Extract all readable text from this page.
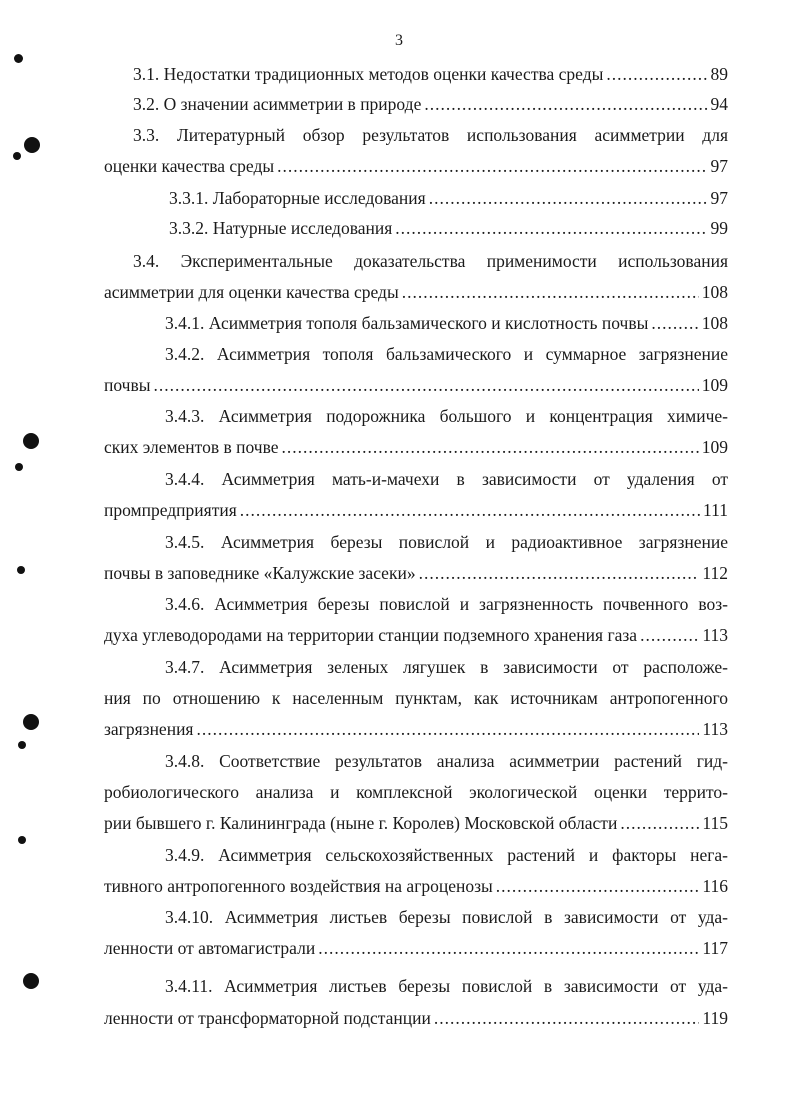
3
3.1. Недостатки традиционных методов оценки качества среды .....	89
3.2. О значении асимметрии в природе .....	94
3.3. Литературный обзор результатов использования асимметрии для
оценки качества среды .....	97
3.3.1. Лабораторные исследования .....	97
3.3.2. Натурные исследования .....	99
3.4. Экспериментальные доказательства применимости использования
асимметрии для оценки качества среды .....	108
3.4.1. Асимметрия тополя бальзамического и кислотность почвы .....	108
3.4.2. Асимметрия тополя бальзамического и суммарное загрязнение
почвы .....	109
3.4.3. Асимметрия подорожника большого и концентрация химиче-
ских элементов в почве .....	109
3.4.4. Асимметрия мать-и-мачехи в зависимости от удаления от
промпредприятия .....	111
3.4.5. Асимметрия березы повислой и радиоактивное загрязнение
почвы в заповеднике «Калужские засеки» .....	112
3.4.6. Асимметрия березы повислой и загрязненность почвенного воз-
духа углеводородами на территории станции подземного хранения газа .....	113
3.4.7. Асимметрия зеленых лягушек в зависимости от расположе-
ния по отношению к населенным пунктам, как источникам антропогенного
загрязнения .....	113
3.4.8. Соответствие результатов анализа асимметрии растений гид-
робиологического анализа и комплексной экологической оценки террито-
рии бывшего г. Калининграда (ныне г. Королев) Московской области .....	115
3.4.9. Асимметрия сельскохозяйственных растений и факторы нега-
тивного антропогенного воздействия на агроценозы .....	116
3.4.10. Асимметрия листьев березы повислой в зависимости от уда-
ленности от автомагистрали .....	117
3.4.11. Асимметрия листьев березы повислой в зависимости от уда-
ленности от трансформаторной подстанции .....	119
